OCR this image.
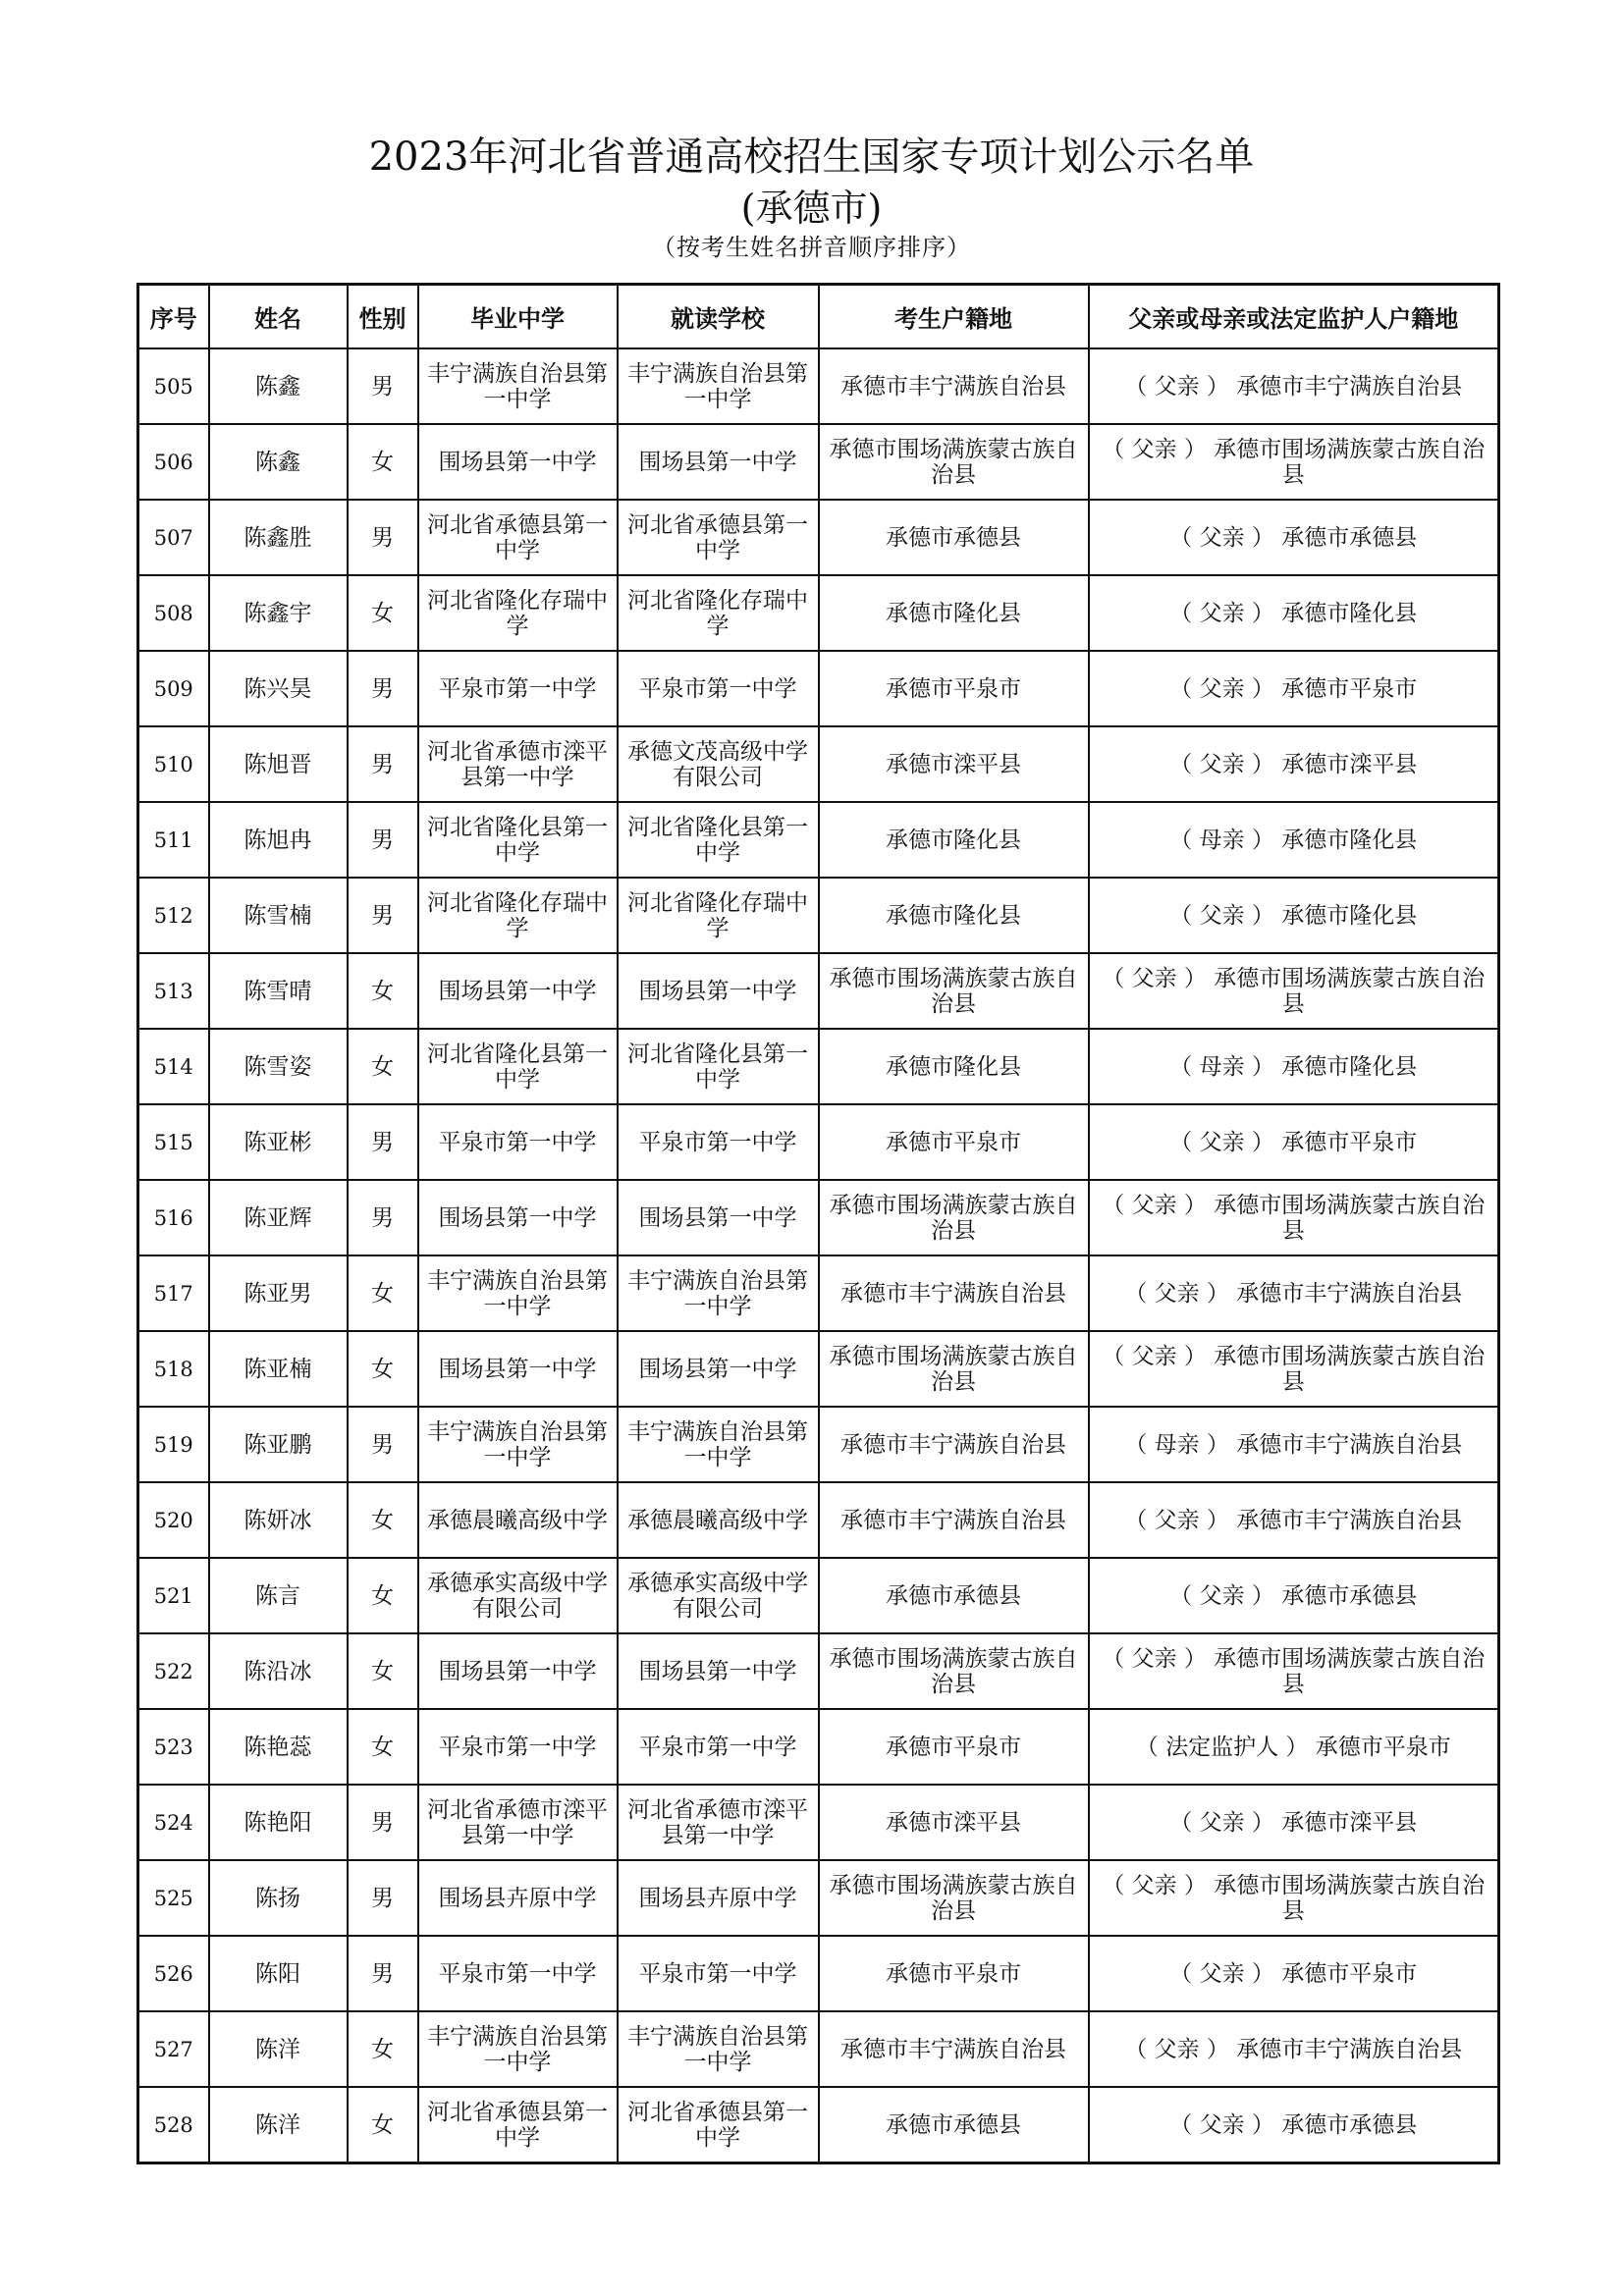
2023年河北省普通高校招生国家专项计划公示名单
(承德市)
（按考生姓名拼音顺序排序）
序号	姓名	性别	毕业中学	就读学校	考生户籍地	父亲或母亲或法定监护人户籍地
505	陈鑫	男	丰宁满族自治县第一中学	丰宁满族自治县第一中学	承德市丰宁满族自治县	（ 父亲 ） 承德市丰宁满族自治县
506	陈鑫	女	围场县第一中学	围场县第一中学	承德市围场满族蒙古族自治县	（ 父亲 ） 承德市围场满族蒙古族自治县
507	陈鑫胜	男	河北省承德县第一中学	河北省承德县第一中学	承德市承德县	（ 父亲 ） 承德市承德县
508	陈鑫宇	女	河北省隆化存瑞中学	河北省隆化存瑞中学	承德市隆化县	（ 父亲 ） 承德市隆化县
509	陈兴昊	男	平泉市第一中学	平泉市第一中学	承德市平泉市	（ 父亲 ） 承德市平泉市
510	陈旭晋	男	河北省承德市滦平县第一中学	承德文茂高级中学有限公司	承德市滦平县	（ 父亲 ） 承德市滦平县
511	陈旭冉	男	河北省隆化县第一中学	河北省隆化县第一中学	承德市隆化县	（ 母亲 ） 承德市隆化县
512	陈雪楠	男	河北省隆化存瑞中学	河北省隆化存瑞中学	承德市隆化县	（ 父亲 ） 承德市隆化县
513	陈雪晴	女	围场县第一中学	围场县第一中学	承德市围场满族蒙古族自治县	（ 父亲 ） 承德市围场满族蒙古族自治县
514	陈雪姿	女	河北省隆化县第一中学	河北省隆化县第一中学	承德市隆化县	（ 母亲 ） 承德市隆化县
515	陈亚彬	男	平泉市第一中学	平泉市第一中学	承德市平泉市	（ 父亲 ） 承德市平泉市
516	陈亚辉	男	围场县第一中学	围场县第一中学	承德市围场满族蒙古族自治县	（ 父亲 ） 承德市围场满族蒙古族自治县
517	陈亚男	女	丰宁满族自治县第一中学	丰宁满族自治县第一中学	承德市丰宁满族自治县	（ 父亲 ） 承德市丰宁满族自治县
518	陈亚楠	女	围场县第一中学	围场县第一中学	承德市围场满族蒙古族自治县	（ 父亲 ） 承德市围场满族蒙古族自治县
519	陈亚鹏	男	丰宁满族自治县第一中学	丰宁满族自治县第一中学	承德市丰宁满族自治县	（ 母亲 ） 承德市丰宁满族自治县
520	陈妍冰	女	承德晨曦高级中学	承德晨曦高级中学	承德市丰宁满族自治县	（ 父亲 ） 承德市丰宁满族自治县
521	陈言	女	承德承实高级中学有限公司	承德承实高级中学有限公司	承德市承德县	（ 父亲 ） 承德市承德县
522	陈沿冰	女	围场县第一中学	围场县第一中学	承德市围场满族蒙古族自治县	（ 父亲 ） 承德市围场满族蒙古族自治县
523	陈艳蕊	女	平泉市第一中学	平泉市第一中学	承德市平泉市	（ 法定监护人 ） 承德市平泉市
524	陈艳阳	男	河北省承德市滦平县第一中学	河北省承德市滦平县第一中学	承德市滦平县	（ 父亲 ） 承德市滦平县
525	陈扬	男	围场县卉原中学	围场县卉原中学	承德市围场满族蒙古族自治县	（ 父亲 ） 承德市围场满族蒙古族自治县
526	陈阳	男	平泉市第一中学	平泉市第一中学	承德市平泉市	（ 父亲 ） 承德市平泉市
527	陈洋	女	丰宁满族自治县第一中学	丰宁满族自治县第一中学	承德市丰宁满族自治县	（ 父亲 ） 承德市丰宁满族自治县
528	陈洋	女	河北省承德县第一中学	河北省承德县第一中学	承德市承德县	（ 父亲 ） 承德市承德县
